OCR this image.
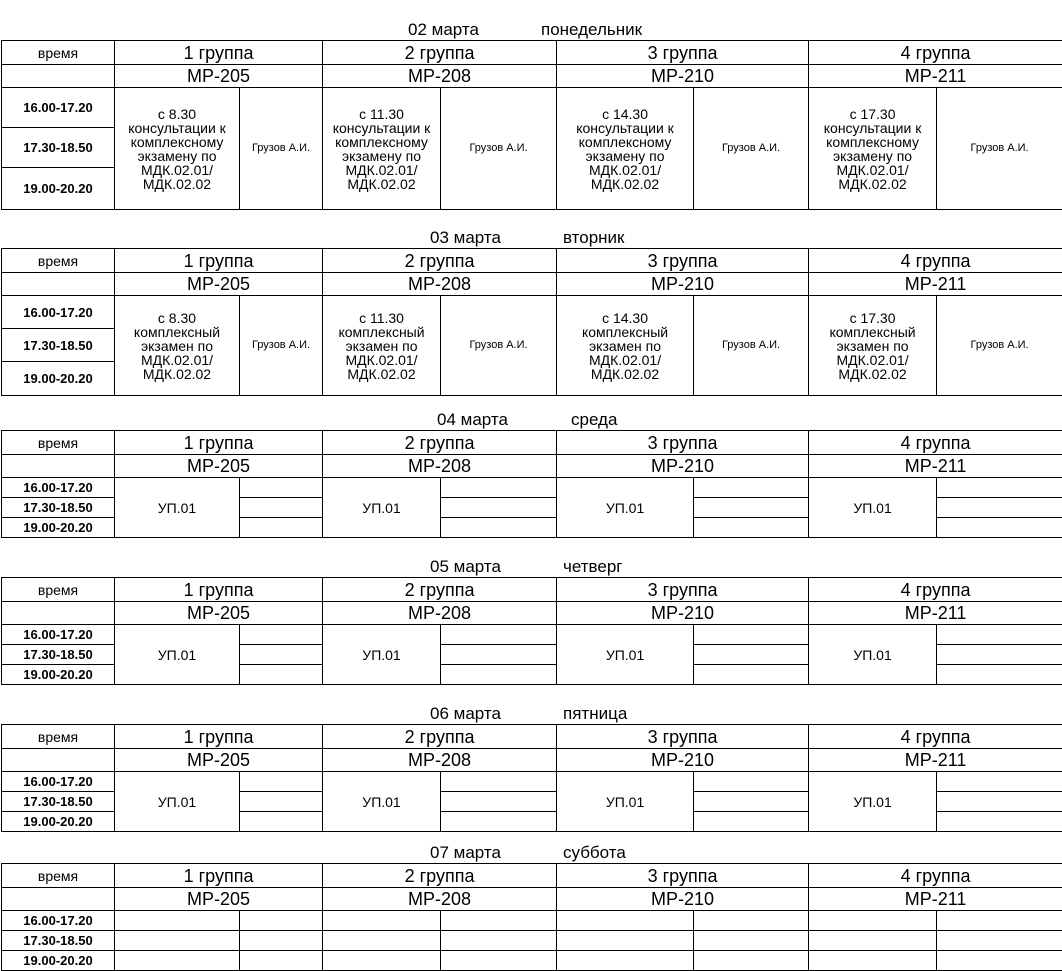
02 марта	понедельник
время	1 группа		2 группа		3 группа		4 группа	
	МР-205		МР-208		МР-210		МР-211	
16.00-17.20	с 8.30 консультации к комплексному экзамену по МДК.02.01/ МДК.02.02	Грузов А.И.	с 11.30 консультации к комплексному экзамену по МДК.02.01/ МДК.02.02	Грузов А.И.	с 14.30 консультации к комплексному экзамену по МДК.02.01/ МДК.02.02	Грузов А.И.	с 17.30 консультации к комплексному экзамену по МДК.02.01/ МДК.02.02	Грузов А.И.
17.30-18.50								
19.00-20.20								
03 марта	вторник
время	1 группа		2 группа		3 группа		4 группа	
	МР-205		МР-208		МР-210		МР-211	
16.00-17.20	с 8.30 комплексный экзамен по МДК.02.01/ МДК.02.02	Грузов А.И.	с 11.30 комплексный экзамен по МДК.02.01/ МДК.02.02	Грузов А.И.	с 14.30 комплексный экзамен по МДК.02.01/ МДК.02.02	Грузов А.И.	с 17.30 комплексный экзамен по МДК.02.01/ МДК.02.02	Грузов А.И.
17.30-18.50								
19.00-20.20								
04 марта	среда
время	1 группа		2 группа		3 группа		4 группа	
	МР-205		МР-208		МР-210		МР-211	
16.00-17.20	УП.01		УП.01		УП.01		УП.01	
17.30-18.50								
19.00-20.20								
05 марта	четверг
время	1 группа		2 группа		3 группа		4 группа	
	МР-205		МР-208		МР-210		МР-211	
16.00-17.20	УП.01		УП.01		УП.01		УП.01	
17.30-18.50								
19.00-20.20								
06 марта	пятница
время	1 группа		2 группа		3 группа		4 группа	
	МР-205		МР-208		МР-210		МР-211	
16.00-17.20	УП.01		УП.01		УП.01		УП.01	
17.30-18.50								
19.00-20.20								
07 марта	суббота
время	1 группа		2 группа		3 группа		4 группа	
	МР-205		МР-208		МР-210		МР-211	
16.00-17.20								
17.30-18.50								
19.00-20.20								
